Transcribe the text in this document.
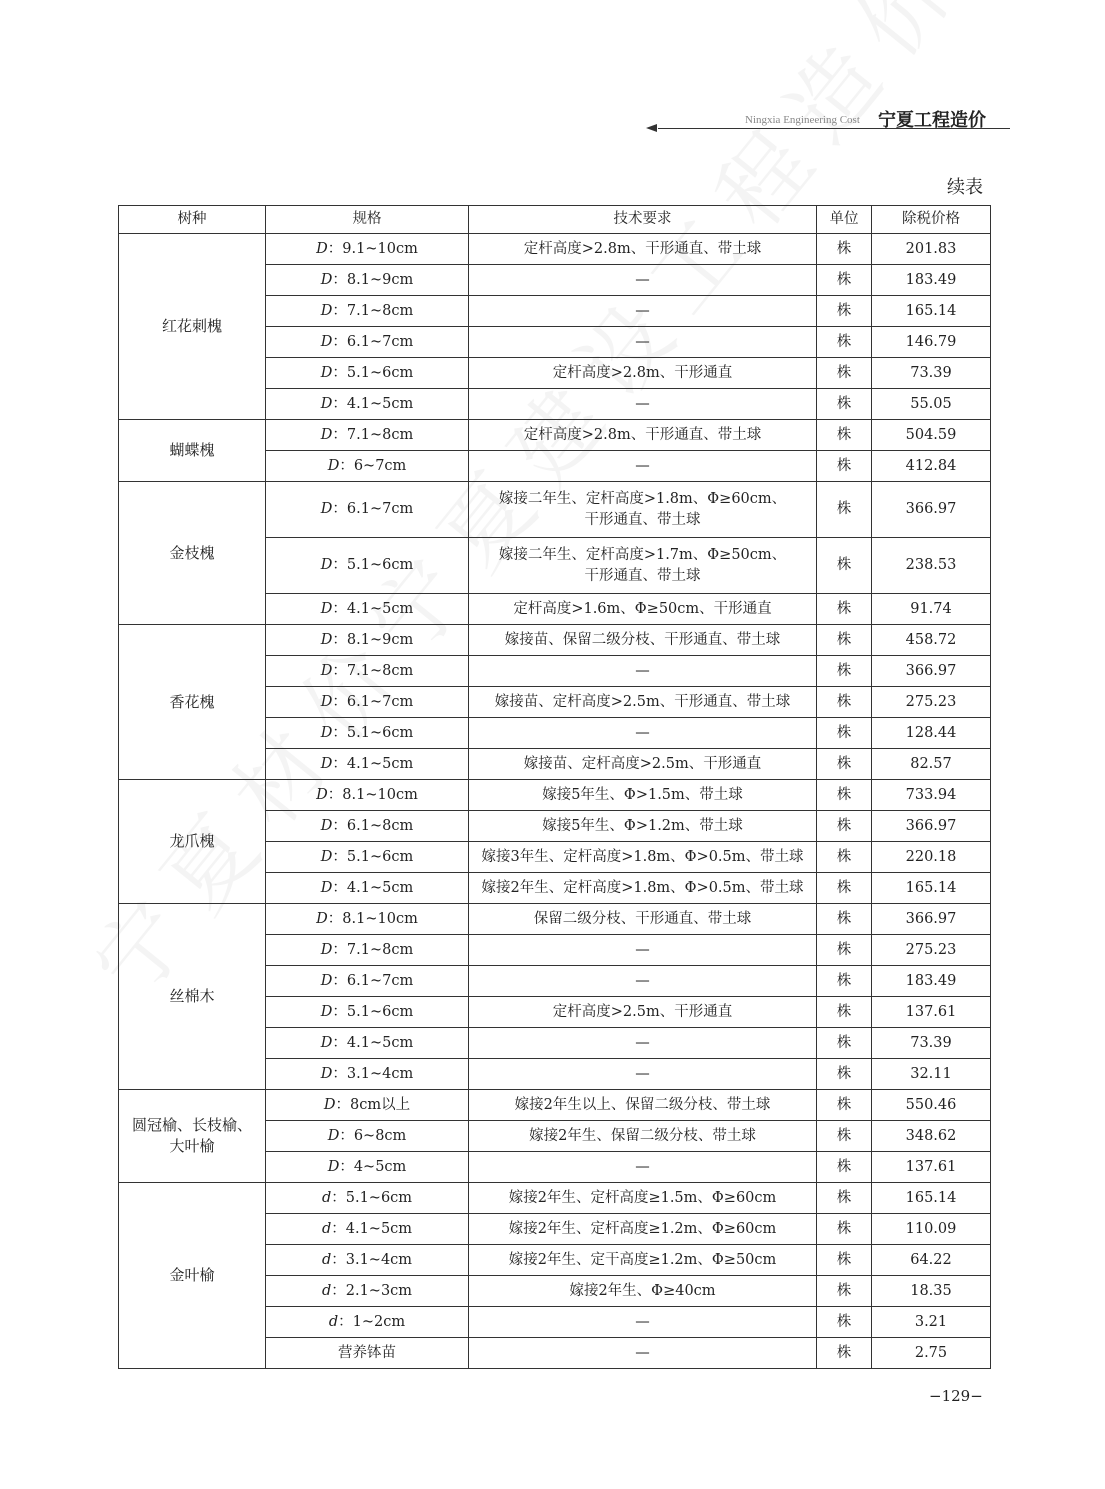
Ningxia Engineering Cost 宁夏工程造价
续表
树种	规格	技术要求	单位	除税价格

红花刺槐	D：9.1~10cm	定杆高度>2.8m、干形通直、带土球	株	201.83
	D：8.1~9cm	—	株	183.49
	D：7.1~8cm	—	株	165.14
	D：6.1~7cm	—	株	146.79
	D：5.1~6cm	定杆高度>2.8m、干形通直	株	73.39
	D：4.1~5cm	—	株	55.05

蝴蝶槐	D：7.1~8cm	定杆高度>2.8m、干形通直、带土球	株	504.59
	D：6~7cm	—	株	412.84

金枝槐	D：6.1~7cm	嫁接二年生、定杆高度>1.8m、Φ≥60cm、
干形通直、带土球	株	366.97
	D：5.1~6cm	嫁接二年生、定杆高度>1.7m、Φ≥50cm、
干形通直、带土球	株	238.53
	D：4.1~5cm	定杆高度>1.6m、Φ≥50cm、干形通直	株	91.74

香花槐	D：8.1~9cm	嫁接苗、保留二级分枝、干形通直、带土球	株	458.72
	D：7.1~8cm	—	株	366.97
	D：6.1~7cm	嫁接苗、定杆高度>2.5m、干形通直、带土球	株	275.23
	D：5.1~6cm	—	株	128.44
	D：4.1~5cm	嫁接苗、定杆高度>2.5m、干形通直	株	82.57

龙爪槐	D：8.1~10cm	嫁接5年生、Φ>1.5m、带土球	株	733.94
	D：6.1~8cm	嫁接5年生、Φ>1.2m、带土球	株	366.97
	D：5.1~6cm	嫁接3年生、定杆高度>1.8m、Φ>0.5m、带土球	株	220.18
	D：4.1~5cm	嫁接2年生、定杆高度>1.8m、Φ>0.5m、带土球	株	165.14

丝棉木	D：8.1~10cm	保留二级分枝、干形通直、带土球	株	366.97
	D：7.1~8cm	—	株	275.23
	D：6.1~7cm	—	株	183.49
	D：5.1~6cm	定杆高度>2.5m、干形通直	株	137.61
	D：4.1~5cm	—	株	73.39
	D：3.1~4cm	—	株	32.11

圆冠榆、长枝榆、
大叶榆	D：8cm以上	嫁接2年生以上、保留二级分枝、带土球	株	550.46
	D：6~8cm	嫁接2年生、保留二级分枝、带土球	株	348.62
	D：4~5cm	—	株	137.61

金叶榆	d：5.1~6cm	嫁接2年生、定杆高度≥1.5m、Φ≥60cm	株	165.14
	d：4.1~5cm	嫁接2年生、定杆高度≥1.2m、Φ≥60cm	株	110.09
	d：3.1~4cm	嫁接2年生、定干高度≥1.2m、Φ≥50cm	株	64.22
	d：2.1~3cm	嫁接2年生、Φ≥40cm	株	18.35
	d：1~2cm	—	株	3.21
	营养钵苗	—	株	2.75
−129−
